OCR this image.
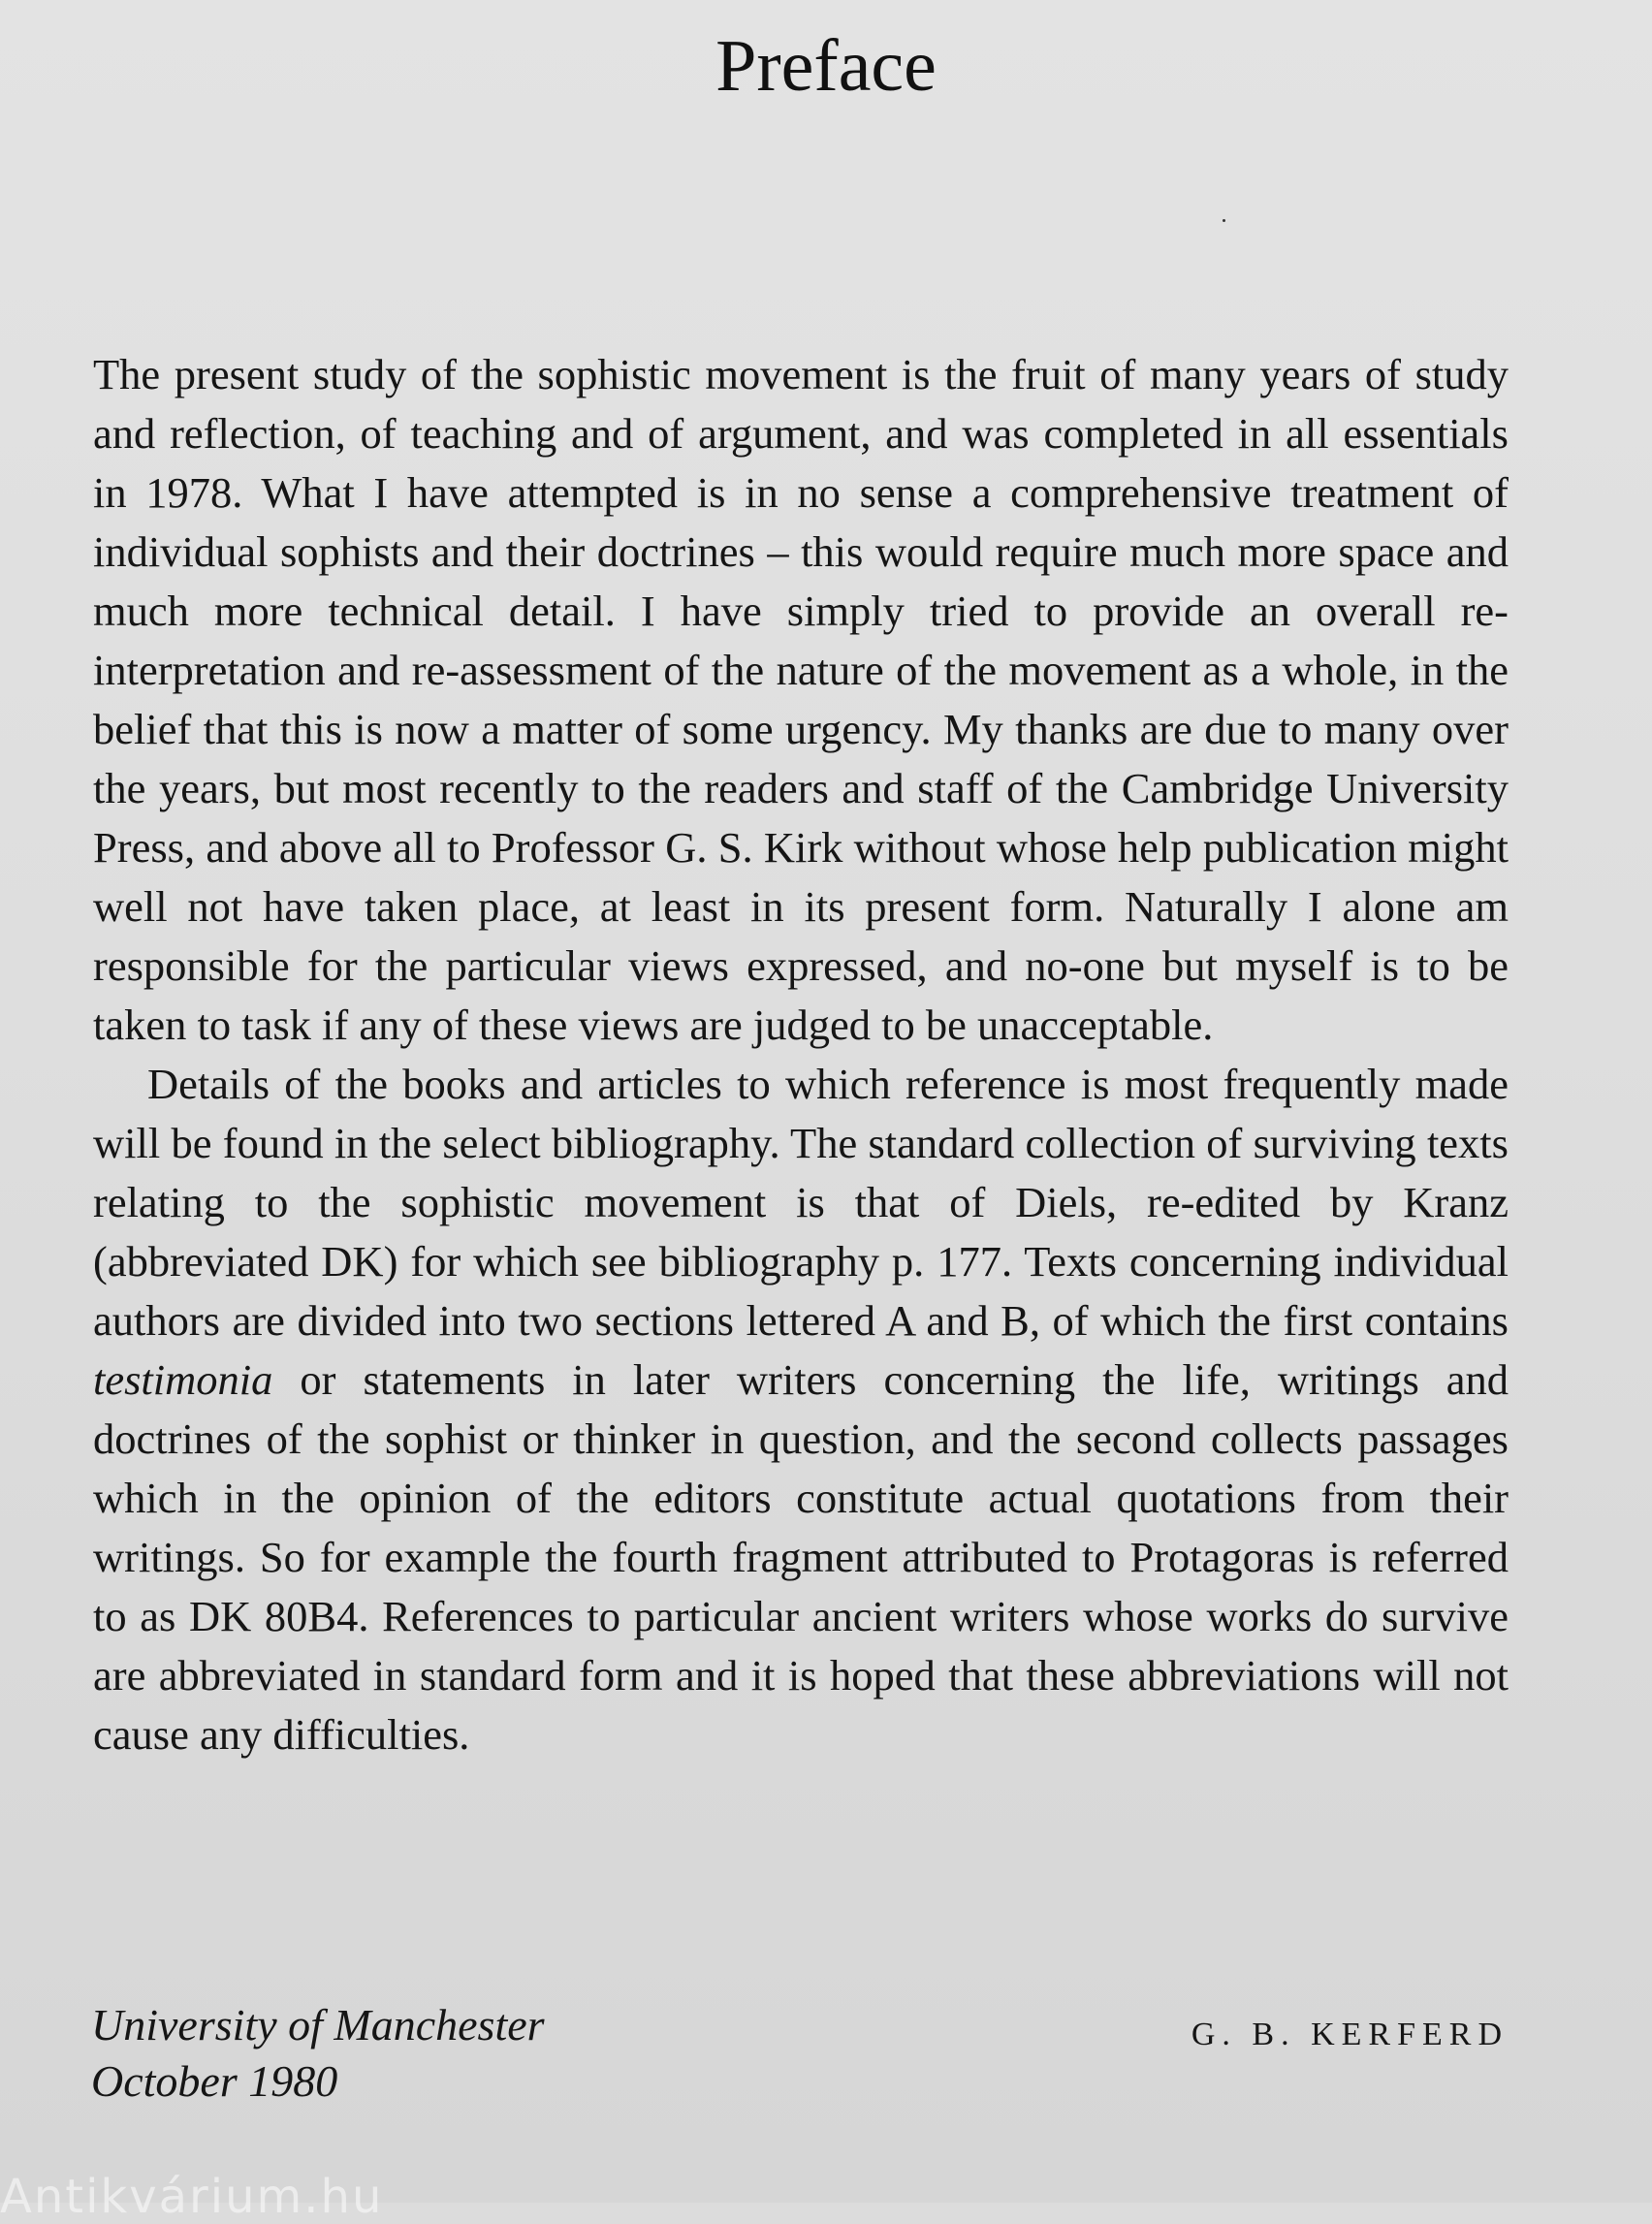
Preface

The present study of the sophistic movement is the fruit of many years of study and reflection, of teaching and of argument, and was completed in all essentials in 1978. What I have attempted is in no sense a comprehensive treatment of individual sophists and their doctrines – this would require much more space and much more technical detail. I have simply tried to provide an overall re-interpretation and re-assessment of the nature of the movement as a whole, in the belief that this is now a matter of some urgency. My thanks are due to many over the years, but most recently to the readers and staff of the Cambridge University Press, and above all to Professor G. S. Kirk without whose help publication might well not have taken place, at least in its present form. Naturally I alone am responsible for the particular views expressed, and no-one but myself is to be taken to task if any of these views are judged to be unacceptable.

Details of the books and articles to which reference is most frequently made will be found in the select bibliography. The standard collection of surviving texts relating to the sophistic movement is that of Diels, re-edited by Kranz (abbreviated DK) for which see bibliography p. 177. Texts concerning individual authors are divided into two sections lettered A and B, of which the first contains testimonia or statements in later writers concerning the life, writings and doctrines of the sophist or thinker in question, and the second collects passages which in the opinion of the editors constitute actual quotations from their writings. So for example the fourth fragment attributed to Protagoras is referred to as DK 80B4. References to particular ancient writers whose works do survive are abbreviated in standard form and it is hoped that these abbreviations will not cause any difficulties.

University of Manchester
October 1980
G. B. KERFERD
Antikvárium.hu
